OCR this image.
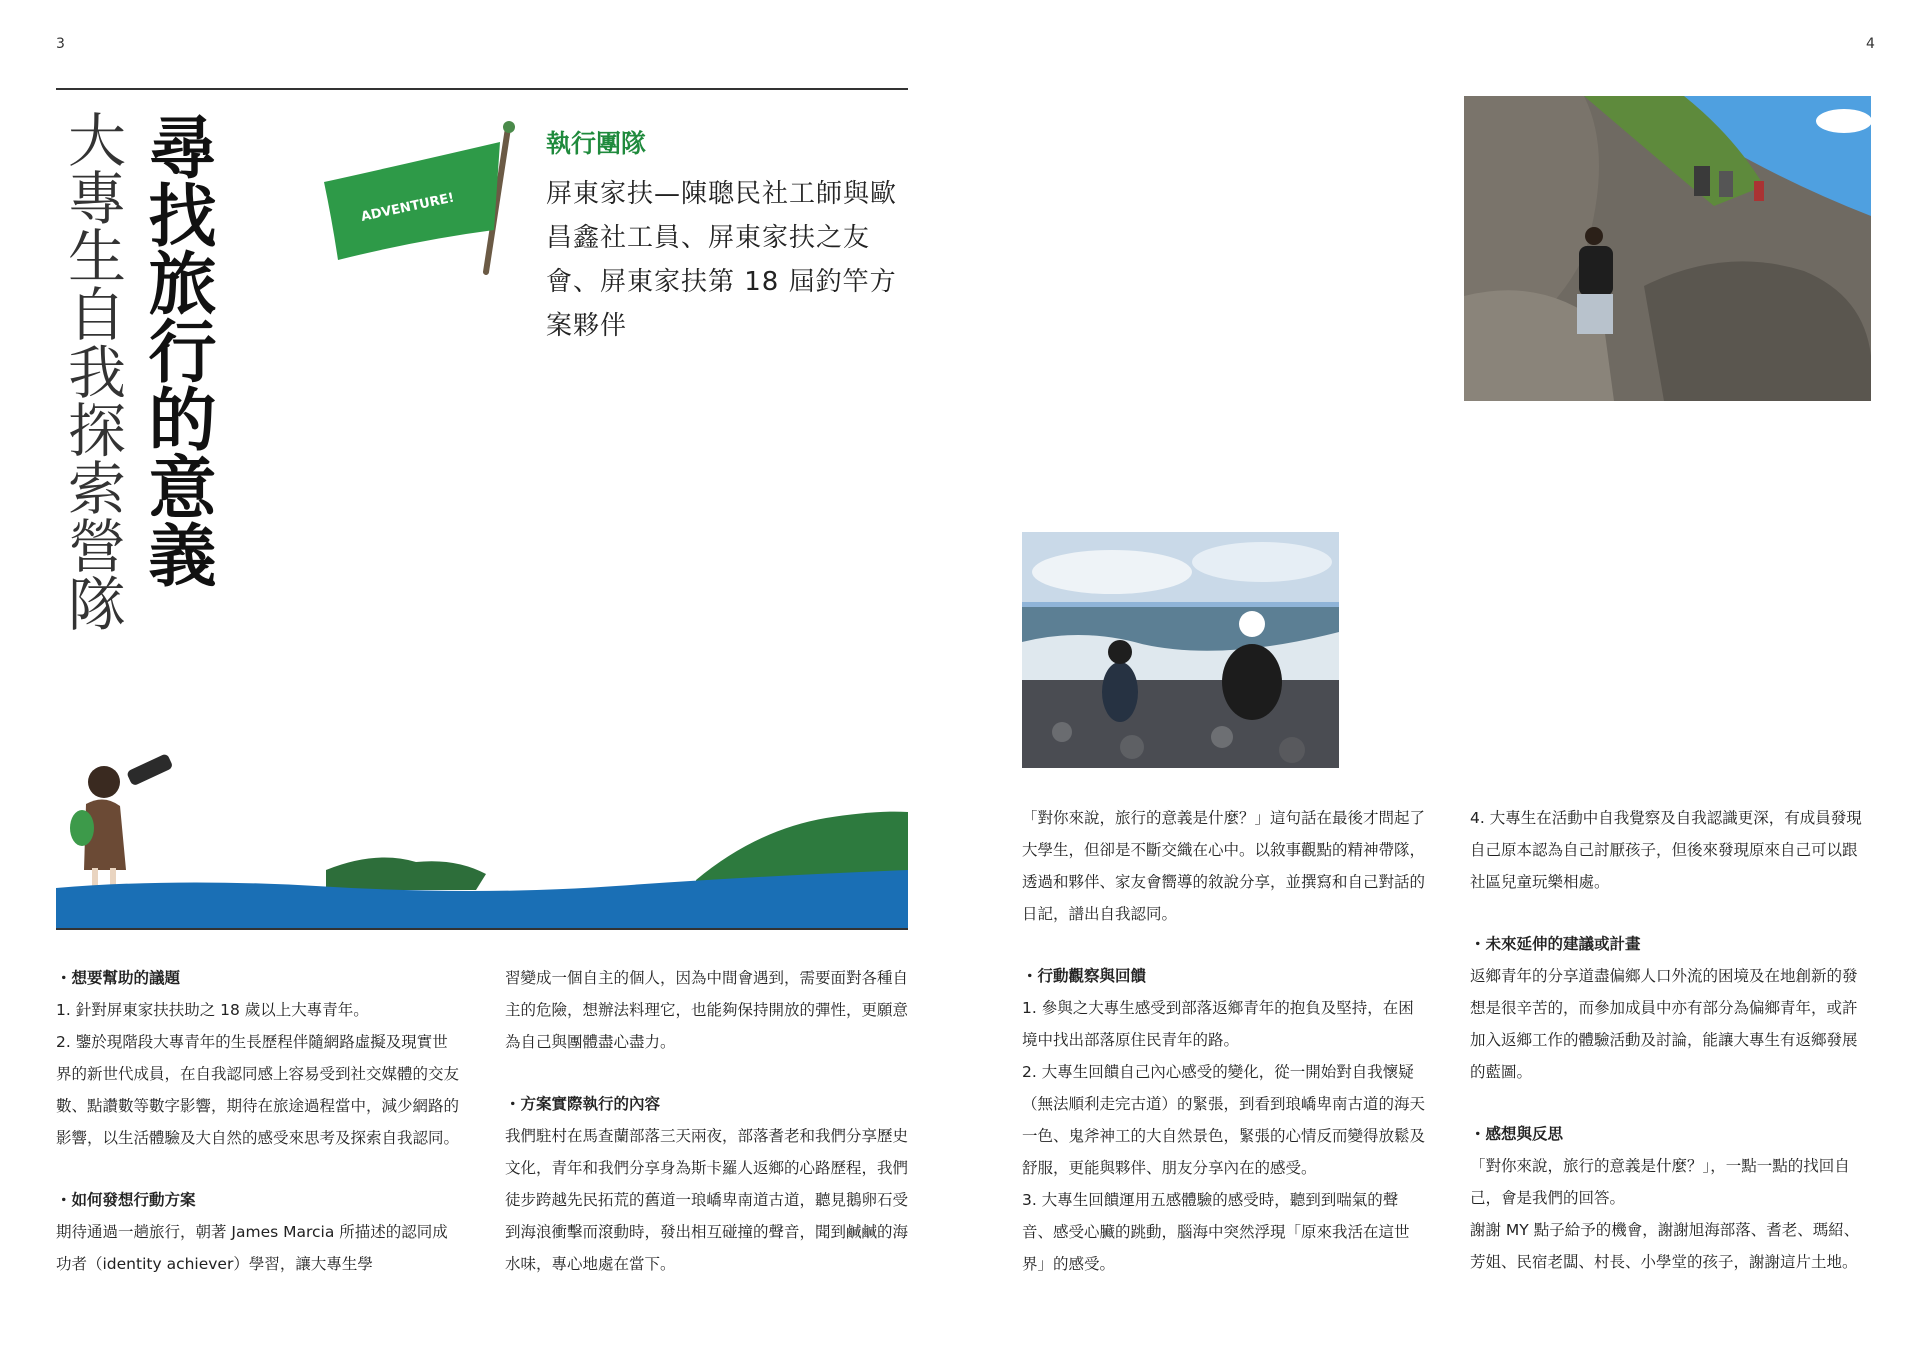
3	4
大專生自我探索營隊 尋找旅行的意義	ADVENTURE!
執行團隊
屏東家扶—陳聰民社工師與歐昌鑫社工員、屏東家扶之友會、屏東家扶第 18 屆釣竿方案夥伴

・想要幫助的議題

1. 針對屏東家扶扶助之 18 歲以上大專青年。

2. 鑒於現階段大專青年的生長歷程伴隨網路虛擬及現實世界的新世代成員，在自我認同感上容易受到社交媒體的交友數、點讚數等數字影響，期待在旅途過程當中，減少網路的影響，以生活體驗及大自然的感受來思考及探索自我認同。

・如何發想行動方案

期待通過一趟旅行，朝著 James Marcia 所描述的認同成功者（identity achiever）學習，讓大專生學

習變成一個自主的個人，因為中間會遇到，需要面對各種自主的危險，想辦法料理它，也能夠保持開放的彈性，更願意為自己與團體盡心盡力。

・方案實際執行的內容

我們駐村在馬查蘭部落三天兩夜，部落耆老和我們分享歷史文化，青年和我們分享身為斯卡羅人返鄉的心路歷程，我們徒步跨越先民拓荒的舊道一琅嶠卑南道古道，聽見鵝卵石受到海浪衝擊而滾動時，發出相互碰撞的聲音，聞到鹹鹹的海水味，專心地處在當下。

「對你來說，旅行的意義是什麼？」這句話在最後才問起了大學生，但卻是不斷交織在心中。以敘事觀點的精神帶隊，透過和夥伴、家友會嚮導的敘說分享，並撰寫和自己對話的日記，譜出自我認同。

・行動觀察與回饋

1. 參與之大專生感受到部落返鄉青年的抱負及堅持，在困境中找出部落原住民青年的路。

2. 大專生回饋自己內心感受的變化，從一開始對自我懷疑（無法順利走完古道）的緊張，到看到琅嶠卑南古道的海天一色、鬼斧神工的大自然景色，緊張的心情反而變得放鬆及舒服，更能與夥伴、朋友分享內在的感受。

3. 大專生回饋運用五感體驗的感受時，聽到到喘氣的聲音、感受心臟的跳動，腦海中突然浮現「原來我活在這世界」的感受。

4. 大專生在活動中自我覺察及自我認識更深，有成員發現自己原本認為自己討厭孩子，但後來發現原來自己可以跟社區兒童玩樂相處。

・未來延伸的建議或計畫

返鄉青年的分享道盡偏鄉人口外流的困境及在地創新的發想是很辛苦的，而參加成員中亦有部分為偏鄉青年，或許加入返鄉工作的體驗活動及討論，能讓大專生有返鄉發展的藍圖。

・感想與反思

「對你來說，旅行的意義是什麼？」，一點一點的找回自己，會是我們的回答。

謝謝 MY 點子給予的機會，謝謝旭海部落、耆老、瑪紹、芳姐、民宿老闆、村長、小學堂的孩子，謝謝這片土地。
